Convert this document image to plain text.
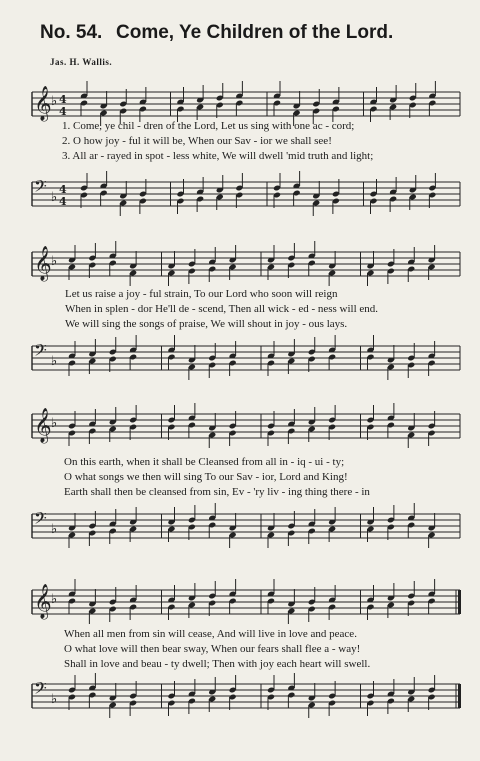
No. 54. Come, Ye Children of the Lord.
Jas. H. Wallis.
𝄞 ♭ 4
4
1. Come, ye chil - dren of the Lord, Let us sing with one ac - cord;
2. O how joy - ful it will be, When our Sav - ior we shall see!
3. All ar - rayed in spot - less white, We will dwell 'mid truth and light;
𝄢 ♭
4
4
𝄞 ♭
Let us raise a joy - ful strain, To our Lord who soon will reign
When in splen - dor He'll de - scend, Then all wick - ed - ness will end.
We will sing the songs of praise, We will shout in joy - ous lays.
𝄢 ♭
𝄞 ♭
On this earth, when it shall be Cleansed from all in - iq - ui - ty;
O what songs we then will sing To our Sav - ior, Lord and King!
Earth shall then be cleansed from sin, Ev - 'ry liv - ing thing there - in
𝄢 ♭
𝄞 ♭
When all men from sin will cease, And will live in love and peace.
O what love will then bear sway, When our fears shall flee a - way!
Shall in love and beau - ty dwell; Then with joy each heart will swell.
𝄢 ♭
